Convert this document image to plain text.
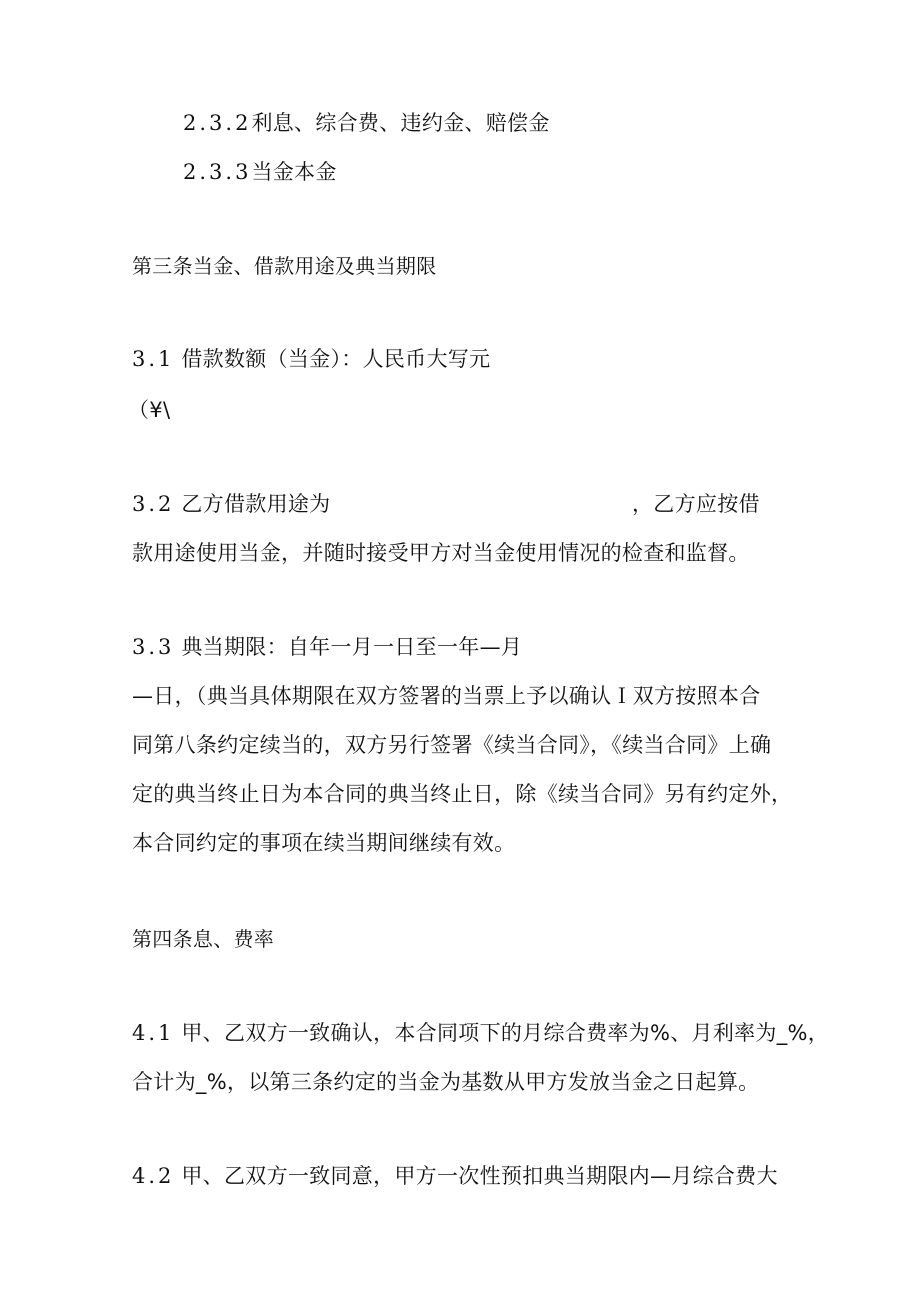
2.3.2利息、综合费、违约金、赔偿金
2.3.3当金本金
第三条当金、借款用途及典当期限
3.1 借款数额（当金）：人民币大写元
（¥\
3.2 乙方借款用途为	，乙方应按借
款用途使用当金，并随时接受甲方对当金使用情况的检查和监督。
3.3 典当期限：自年一月一日至一年—月
—日，（典当具体期限在双方签署的当票上予以确认Ｉ双方按照本合
同第八条约定续当的，双方另行签署《续当合同》，《续当合同》上确
定的典当终止日为本合同的典当终止日，除《续当合同》另有约定外，
本合同约定的事项在续当期间继续有效。
第四条息、费率
4.1 甲、乙双方一致确认，本合同项下的月综合费率为%、月利率为_%，
合计为_%，以第三条约定的当金为基数从甲方发放当金之日起算。
4.2 甲、乙双方一致同意，甲方一次性预扣典当期限内—月综合费大
